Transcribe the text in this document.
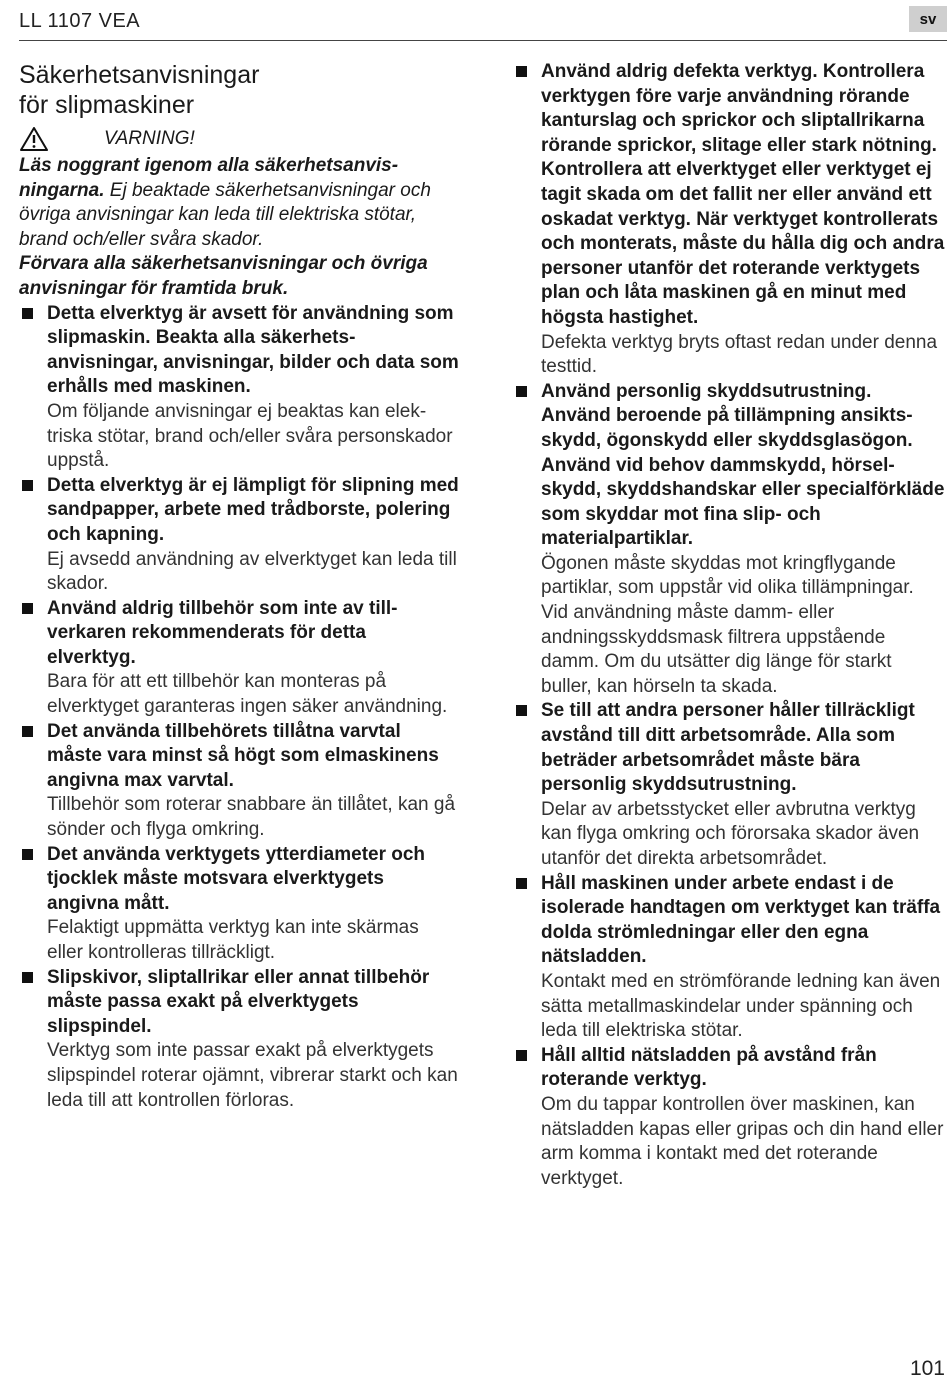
LL 1107 VEA	sv
Säkerhetsanvisningar
för slipmaskiner
VARNING!

Läs noggrant igenom alla säkerhetsanvisningarna. Ej beaktade säkerhetsanvisningar och övriga anvisningar kan leda till elektriska stötar, brand och/eller svåra skador.

Förvara alla säkerhetsanvisningar och övriga anvisningar för framtida bruk.

Detta elverktyg är avsett för användning som slipmaskin. Beakta alla säkerhetsanvisningar, anvisningar, bilder och data som erhålls med maskinen.

Om följande anvisningar ej beaktas kan elektriska stötar, brand och/eller svåra personskador uppstå.

Detta elverktyg är ej lämpligt för slipning med sandpapper, arbete med trådborste, polering och kapning.

Ej avsedd användning av elverktyget kan leda till skador.

Använd aldrig tillbehör som inte av tillverkaren rekommenderats för detta elverktyg.

Bara för att ett tillbehör kan monteras på elverktyget garanteras ingen säker användning.

Det använda tillbehörets tillåtna varvtal måste vara minst så högt som elmaskinens angivna max varvtal.

Tillbehör som roterar snabbare än tillåtet, kan gå sönder och flyga omkring.

Det använda verktygets ytterdiameter och tjocklek måste motsvara elverktygets angivna mått.

Felaktigt uppmätta verktyg kan inte skärmas eller kontrolleras tillräckligt.

Slipskivor, sliptallrikar eller annat tillbehör måste passa exakt på elverktygets slipspindel.

Verktyg som inte passar exakt på elverktygets slipspindel roterar ojämnt, vibrerar starkt och kan leda till att kontrollen förloras.

Använd aldrig defekta verktyg. Kontrollera verktygen före varje användning rörande kanturslag och sprickor och sliptallrikarna rörande sprickor, slitage eller stark nötning. Kontrollera att elverktyget eller verktyget ej tagit skada om det fallit ner eller använd ett oskadat verktyg. När verktyget kontrollerats och monterats, måste du hålla dig och andra personer utanför det roterande verktygets plan och låta maskinen gå en minut med högsta hastighet.

Defekta verktyg bryts oftast redan under denna testtid.

Använd personlig skyddsutrustning. Använd beroende på tillämpning ansiktsskydd, ögonskydd eller skyddsglasögon. Använd vid behov dammskydd, hörselskydd, skyddshandskar eller specialförkläde som skyddar mot fina slip- och materialpartiklar.

Ögonen måste skyddas mot kringflygande partiklar, som uppstår vid olika tillämpningar. Vid användning måste damm- eller andningsskyddsmask filtrera uppstående damm. Om du utsätter dig länge för starkt buller, kan hörseln ta skada.

Se till att andra personer håller tillräckligt avstånd till ditt arbetsområde. Alla som beträder arbetsområdet måste bära personlig skyddsutrustning.

Delar av arbetsstycket eller avbrutna verktyg kan flyga omkring och förorsaka skador även utanför det direkta arbetsområdet.

Håll maskinen under arbete endast i de isolerade handtagen om verktyget kan träffa dolda strömledningar eller den egna nätsladden.

Kontakt med en strömförande ledning kan även sätta metallmaskindelar under spänning och leda till elektriska stötar.

Håll alltid nätsladden på avstånd från roterande verktyg.

Om du tappar kontrollen över maskinen, kan nätsladden kapas eller gripas och din hand eller arm komma i kontakt med det roterande verktyget.

101
